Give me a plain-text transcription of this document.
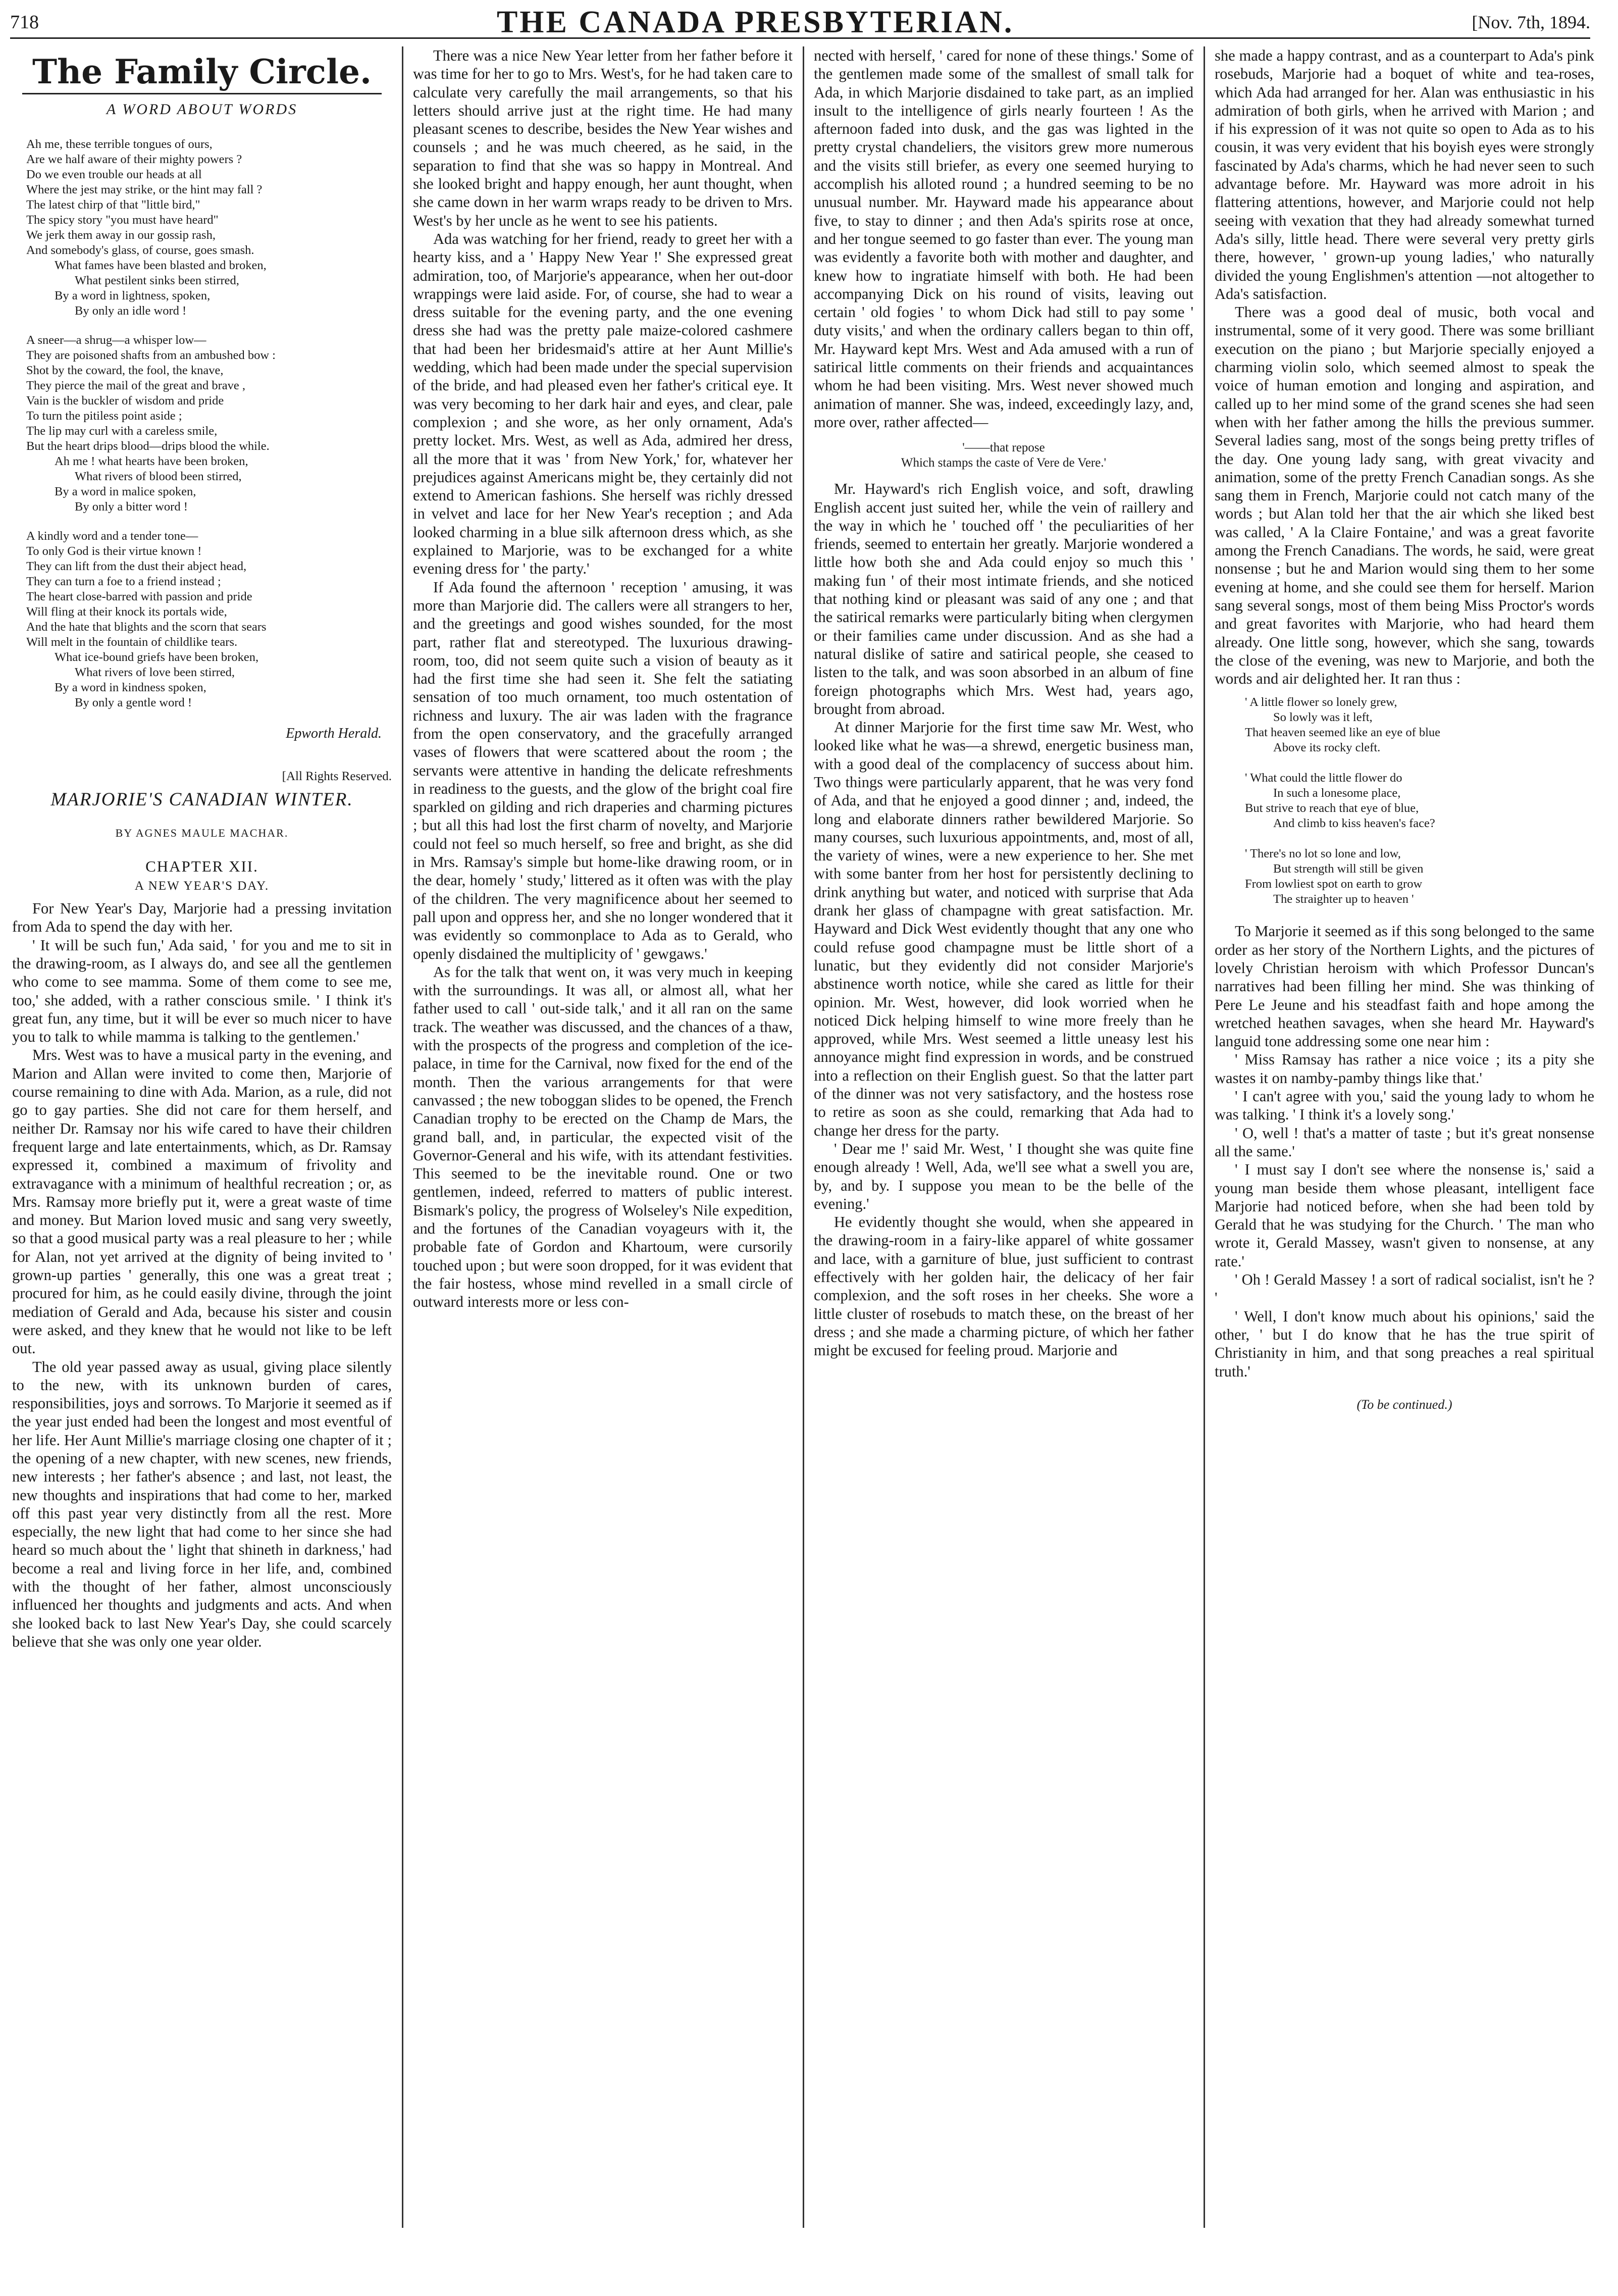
718	THE CANADA PRESBYTERIAN.	[Nov. 7th, 1894.
The Family Circle.
A WORD ABOUT WORDS
Ah me, these terrible tongues of ours,
Are we half aware of their mighty powers ?
Do we even trouble our heads at all
Where the jest may strike, or the hint may fall ?
The latest chirp of that "little bird,"
The spicy story "you must have heard"
We jerk them away in our gossip rash,
And somebody's glass, of course, goes smash.
What fames have been blasted and broken,
What pestilent sinks been stirred,
By a word in lightness, spoken,
By only an idle word !
A sneer—a shrug—a whisper low—
They are poisoned shafts from an ambushed bow :
Shot by the coward, the fool, the knave,
They pierce the mail of the great and brave ,
Vain is the buckler of wisdom and pride
To turn the pitiless point aside ;
The lip may curl with a careless smile,
But the heart drips blood—drips blood the while.
Ah me ! what hearts have been broken,
What rivers of blood been stirred,
By a word in malice spoken,
By only a bitter word !
A kindly word and a tender tone—
To only God is their virtue known !
They can lift from the dust their abject head,
They can turn a foe to a friend instead ;
The heart close-barred with passion and pride
Will fling at their knock its portals wide,
And the hate that blights and the scorn that sears
Will melt in the fountain of childlike tears.
What ice-bound griefs have been broken,
What rivers of love been stirred,
By a word in kindness spoken,
By only a gentle word !
Epworth Herald.
[All Rights Reserved.
MARJORIE'S CANADIAN WINTER.
BY AGNES MAULE MACHAR.
CHAPTER XII.
A NEW YEAR'S DAY.

For New Year's Day, Marjorie had a pressing invitation from Ada to spend the day with her.

' It will be such fun,' Ada said, ' for you and me to sit in the drawing-room, as I always do, and see all the gentlemen who come to see mamma. Some of them come to see me, too,' she added, with a rather conscious smile. ' I think it's great fun, any time, but it will be ever so much nicer to have you to talk to while mamma is talking to the gentlemen.'

Mrs. West was to have a musical party in the evening, and Marion and Allan were invited to come then, Marjorie of course remaining to dine with Ada. Marion, as a rule, did not go to gay parties. She did not care for them herself, and neither Dr. Ramsay nor his wife cared to have their children frequent large and late entertainments, which, as Dr. Ramsay expressed it, combined a maximum of frivolity and extravagance with a minimum of healthful recreation ; or, as Mrs. Ramsay more briefly put it, were a great waste of time and money. But Marion loved music and sang very sweetly, so that a good musical party was a real pleasure to her ; while for Alan, not yet arrived at the dignity of being invited to ' grown-up parties ' generally, this one was a great treat ; procured for him, as he could easily divine, through the joint mediation of Gerald and Ada, because his sister and cousin were asked, and they knew that he would not like to be left out.

The old year passed away as usual, giving place silently to the new, with its unknown burden of cares, responsibilities, joys and sorrows. To Marjorie it seemed as if the year just ended had been the longest and most eventful of her life. Her Aunt Millie's marriage closing one chapter of it ; the opening of a new chapter, with new scenes, new friends, new interests ; her father's absence ; and last, not least, the new thoughts and inspirations that had come to her, marked off this past year very distinctly from all the rest. More especially, the new light that had come to her since she had heard so much about the ' light that shineth in darkness,' had become a real and living force in her life, and, combined with the thought of her father, almost unconsciously influenced her thoughts and judgments and acts. And when she looked back to last New Year's Day, she could scarcely believe that she was only one year older.

There was a nice New Year letter from her father before it was time for her to go to Mrs. West's, for he had taken care to calculate very carefully the mail arrangements, so that his letters should arrive just at the right time. He had many pleasant scenes to describe, besides the New Year wishes and counsels ; and he was much cheered, as he said, in the separation to find that she was so happy in Montreal. And she looked bright and happy enough, her aunt thought, when she came down in her warm wraps ready to be driven to Mrs. West's by her uncle as he went to see his patients.

Ada was watching for her friend, ready to greet her with a hearty kiss, and a ' Happy New Year !' She expressed great admiration, too, of Marjorie's appearance, when her out-door wrappings were laid aside. For, of course, she had to wear a dress suitable for the evening party, and the one evening dress she had was the pretty pale maize-colored cashmere that had been her bridesmaid's attire at her Aunt Millie's wedding, which had been made under the special supervision of the bride, and had pleased even her father's critical eye. It was very becoming to her dark hair and eyes, and clear, pale complexion ; and she wore, as her only ornament, Ada's pretty locket. Mrs. West, as well as Ada, admired her dress, all the more that it was ' from New York,' for, whatever her prejudices against Americans might be, they certainly did not extend to American fashions. She herself was richly dressed in velvet and lace for her New Year's reception ; and Ada looked charming in a blue silk afternoon dress which, as she explained to Marjorie, was to be exchanged for a white evening dress for ' the party.'

If Ada found the afternoon ' reception ' amusing, it was more than Marjorie did. The callers were all strangers to her, and the greetings and good wishes sounded, for the most part, rather flat and stereotyped. The luxurious drawing-room, too, did not seem quite such a vision of beauty as it had the first time she had seen it. She felt the satiating sensation of too much ornament, too much ostentation of richness and luxury. The air was laden with the fragrance from the open conservatory, and the gracefully arranged vases of flowers that were scattered about the room ; the servants were attentive in handing the delicate refreshments in readiness to the guests, and the glow of the bright coal fire sparkled on gilding and rich draperies and charming pictures ; but all this had lost the first charm of novelty, and Marjorie could not feel so much herself, so free and bright, as she did in Mrs. Ramsay's simple but home-like drawing room, or in the dear, homely ' study,' littered as it often was with the play of the children. The very magnificence about her seemed to pall upon and oppress her, and she no longer wondered that it was evidently so commonplace to Ada as to Gerald, who openly disdained the multiplicity of ' gewgaws.'

As for the talk that went on, it was very much in keeping with the surroundings. It was all, or almost all, what her father used to call ' out-side talk,' and it all ran on the same track. The weather was discussed, and the chances of a thaw, with the prospects of the progress and completion of the ice-palace, in time for the Carnival, now fixed for the end of the month. Then the various arrangements for that were canvassed ; the new toboggan slides to be opened, the French Canadian trophy to be erected on the Champ de Mars, the grand ball, and, in particular, the expected visit of the Governor-General and his wife, with its attendant festivities. This seemed to be the inevitable round. One or two gentlemen, indeed, referred to matters of public interest. Bismark's policy, the progress of Wolseley's Nile expedition, and the fortunes of the Canadian voyageurs with it, the probable fate of Gordon and Khartoum, were cursorily touched upon ; but were soon dropped, for it was evident that the fair hostess, whose mind revelled in a small circle of outward interests more or less con-

nected with herself, ' cared for none of these things.' Some of the gentlemen made some of the smallest of small talk for Ada, in which Marjorie disdained to take part, as an implied insult to the intelligence of girls nearly fourteen ! As the afternoon faded into dusk, and the gas was lighted in the pretty crystal chandeliers, the visitors grew more numerous and the visits still briefer, as every one seemed hurying to accomplish his alloted round ; a hundred seeming to be no unusual number. Mr. Hayward made his appearance about five, to stay to dinner ; and then Ada's spirits rose at once, and her tongue seemed to go faster than ever. The young man was evidently a favorite both with mother and daughter, and knew how to ingratiate himself with both. He had been accompanying Dick on his round of visits, leaving out certain ' old fogies ' to whom Dick had still to pay some ' duty visits,' and when the ordinary callers began to thin off, Mr. Hayward kept Mrs. West and Ada amused with a run of satirical little comments on their friends and acquaintances whom he had been visiting. Mrs. West never showed much animation of manner. She was, indeed, exceedingly lazy, and, more over, rather affected—

'——that repose
Which stamps the caste of Vere de Vere.'

Mr. Hayward's rich English voice, and soft, drawling English accent just suited her, while the vein of raillery and the way in which he ' touched off ' the peculiarities of her friends, seemed to entertain her greatly. Marjorie wondered a little how both she and Ada could enjoy so much this ' making fun ' of their most intimate friends, and she noticed that nothing kind or pleasant was said of any one ; and that the satirical remarks were particularly biting when clergymen or their families came under discussion. And as she had a natural dislike of satire and satirical people, she ceased to listen to the talk, and was soon absorbed in an album of fine foreign photographs which Mrs. West had, years ago, brought from abroad.

At dinner Marjorie for the first time saw Mr. West, who looked like what he was—a shrewd, energetic business man, with a good deal of the complacency of success about him. Two things were particularly apparent, that he was very fond of Ada, and that he enjoyed a good dinner ; and, indeed, the long and elaborate dinners rather bewildered Marjorie. So many courses, such luxurious appointments, and, most of all, the variety of wines, were a new experience to her. She met with some banter from her host for persistently declining to drink anything but water, and noticed with surprise that Ada drank her glass of champagne with great satisfaction. Mr. Hayward and Dick West evidently thought that any one who could refuse good champagne must be little short of a lunatic, but they evidently did not consider Marjorie's abstinence worth notice, while she cared as little for their opinion. Mr. West, however, did look worried when he noticed Dick helping himself to wine more freely than he approved, while Mrs. West seemed a little uneasy lest his annoyance might find expression in words, and be construed into a reflection on their English guest. So that the latter part of the dinner was not very satisfactory, and the hostess rose to retire as soon as she could, remarking that Ada had to change her dress for the party.

' Dear me !' said Mr. West, ' I thought she was quite fine enough already ! Well, Ada, we'll see what a swell you are, by, and by. I suppose you mean to be the belle of the evening.'

He evidently thought she would, when she appeared in the drawing-room in a fairy-like apparel of white gossamer and lace, with a garniture of blue, just sufficient to contrast effectively with her golden hair, the delicacy of her fair complexion, and the soft roses in her cheeks. She wore a little cluster of rosebuds to match these, on the breast of her dress ; and she made a charming picture, of which her father might be excused for feeling proud. Marjorie and

she made a happy contrast, and as a counterpart to Ada's pink rosebuds, Marjorie had a boquet of white and tea-roses, which Ada had arranged for her. Alan was enthusiastic in his admiration of both girls, when he arrived with Marion ; and if his expression of it was not quite so open to Ada as to his cousin, it was very evident that his boyish eyes were strongly fascinated by Ada's charms, which he had never seen to such advantage before. Mr. Hayward was more adroit in his flattering attentions, however, and Marjorie could not help seeing with vexation that they had already somewhat turned Ada's silly, little head. There were several very pretty girls there, however, ' grown-up young ladies,' who naturally divided the young Englishmen's attention —not altogether to Ada's satisfaction.

There was a good deal of music, both vocal and instrumental, some of it very good. There was some brilliant execution on the piano ; but Marjorie specially enjoyed a charming violin solo, which seemed almost to speak the voice of human emotion and longing and aspiration, and called up to her mind some of the grand scenes she had seen when with her father among the hills the previous summer. Several ladies sang, most of the songs being pretty trifles of the day. One young lady sang, with great vivacity and animation, some of the pretty French Canadian songs. As she sang them in French, Marjorie could not catch many of the words ; but Alan told her that the air which she liked best was called, ' A la Claire Fontaine,' and was a great favorite among the French Canadians. The words, he said, were great nonsense ; but he and Marion would sing them to her some evening at home, and she could see them for herself. Marion sang several songs, most of them being Miss Proctor's words and great favorites with Marjorie, who had heard them already. One little song, however, which she sang, towards the close of the evening, was new to Marjorie, and both the words and air delighted her. It ran thus :

' A little flower so lonely grew,
So lowly was it left,
That heaven seemed like an eye of blue
Above its rocky cleft.
' What could the little flower do
In such a lonesome place,
But strive to reach that eye of blue,
And climb to kiss heaven's face?
' There's no lot so lone and low,
But strength will still be given
From lowliest spot on earth to grow
The straighter up to heaven '

To Marjorie it seemed as if this song belonged to the same order as her story of the Northern Lights, and the pictures of lovely Christian heroism with which Professor Duncan's narratives had been filling her mind. She was thinking of Pere Le Jeune and his steadfast faith and hope among the wretched heathen savages, when she heard Mr. Hayward's languid tone addressing some one near him :

' Miss Ramsay has rather a nice voice ; its a pity she wastes it on namby-pamby things like that.'

' I can't agree with you,' said the young lady to whom he was talking. ' I think it's a lovely song.'

' O, well ! that's a matter of taste ; but it's great nonsense all the same.'

' I must say I don't see where the nonsense is,' said a young man beside them whose pleasant, intelligent face Marjorie had noticed before, when she had been told by Gerald that he was studying for the Church. ' The man who wrote it, Gerald Massey, wasn't given to nonsense, at any rate.'

' Oh ! Gerald Massey ! a sort of radical socialist, isn't he ? '

' Well, I don't know much about his opinions,' said the other, ' but I do know that he has the true spirit of Christianity in him, and that song preaches a real spiritual truth.'

(To be continued.)
